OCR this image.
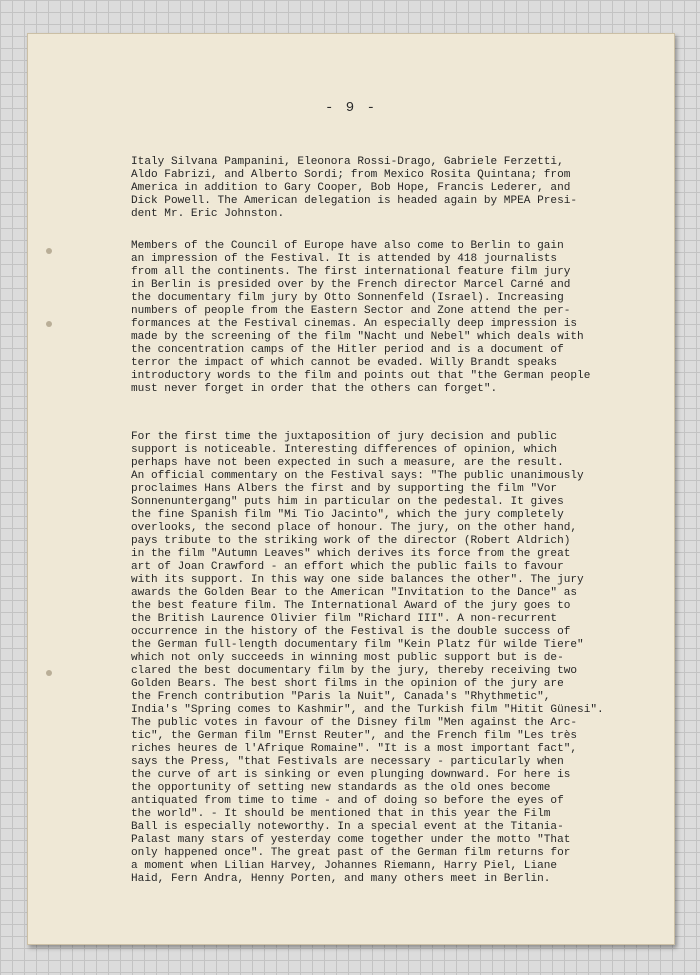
- 9 -
Italy Silvana Pampanini, Eleonora Rossi-Drago, Gabriele Ferzetti,
Aldo Fabrizi, and Alberto Sordi; from Mexico Rosita Quintana; from
America in addition to Gary Cooper, Bob Hope, Francis Lederer, and
Dick Powell. The American delegation is headed again by MPEA Presi-
dent Mr. Eric Johnston.
Members of the Council of Europe have also come to Berlin to gain
an impression of the Festival. It is attended by 418 journalists
from all the continents. The first international feature film jury
in Berlin is presided over by the French director Marcel Carné and
the documentary film jury by Otto Sonnenfeld (Israel). Increasing
numbers of people from the Eastern Sector and Zone attend the per-
formances at the Festival cinemas. An especially deep impression is
made by the screening of the film "Nacht und Nebel" which deals with
the concentration camps of the Hitler period and is a document of
terror the impact of which cannot be evaded. Willy Brandt speaks
introductory words to the film and points out that "the German people
must never forget in order that the others can forget".
For the first time the juxtaposition of jury decision and public
support is noticeable. Interesting differences of opinion, which
perhaps have not been expected in such a measure, are the result.
An official commentary on the Festival says: "The public unanimously
proclaimes Hans Albers the first and by supporting the film "Vor
Sonnenuntergang" puts him in particular on the pedestal. It gives
the fine Spanish film "Mi Tio Jacinto", which the jury completely
overlooks, the second place of honour. The jury, on the other hand,
pays tribute to the striking work of the director (Robert Aldrich)
in the film "Autumn Leaves" which derives its force from the great
art of Joan Crawford - an effort which the public fails to favour
with its support. In this way one side balances the other". The jury
awards the Golden Bear to the American "Invitation to the Dance" as
the best feature film. The International Award of the jury goes to
the British Laurence Olivier film "Richard III". A non-recurrent
occurrence in the history of the Festival is the double success of
the German full-length documentary film "Kein Platz für wilde Tiere"
which not only succeeds in winning most public support but is de-
clared the best documentary film by the jury, thereby receiving two
Golden Bears. The best short films in the opinion of the jury are
the French contribution "Paris la Nuit", Canada's "Rhythmetic",
India's "Spring comes to Kashmir", and the Turkish film "Hitit Günesi".
The public votes in favour of the Disney film "Men against the Arc-
tic", the German film "Ernst Reuter", and the French film "Les très
riches heures de l'Afrique Romaine". "It is a most important fact",
says the Press, "that Festivals are necessary - particularly when
the curve of art is sinking or even plunging downward. For here is
the opportunity of setting new standards as the old ones become
antiquated from time to time - and of doing so before the eyes of
the world". - It should be mentioned that in this year the Film
Ball is especially noteworthy. In a special event at the Titania-
Palast many stars of yesterday come together under the motto "That
only happened once". The great past of the German film returns for
a moment when Lilian Harvey, Johannes Riemann, Harry Piel, Liane
Haid, Fern Andra, Henny Porten, and many others meet in Berlin.
